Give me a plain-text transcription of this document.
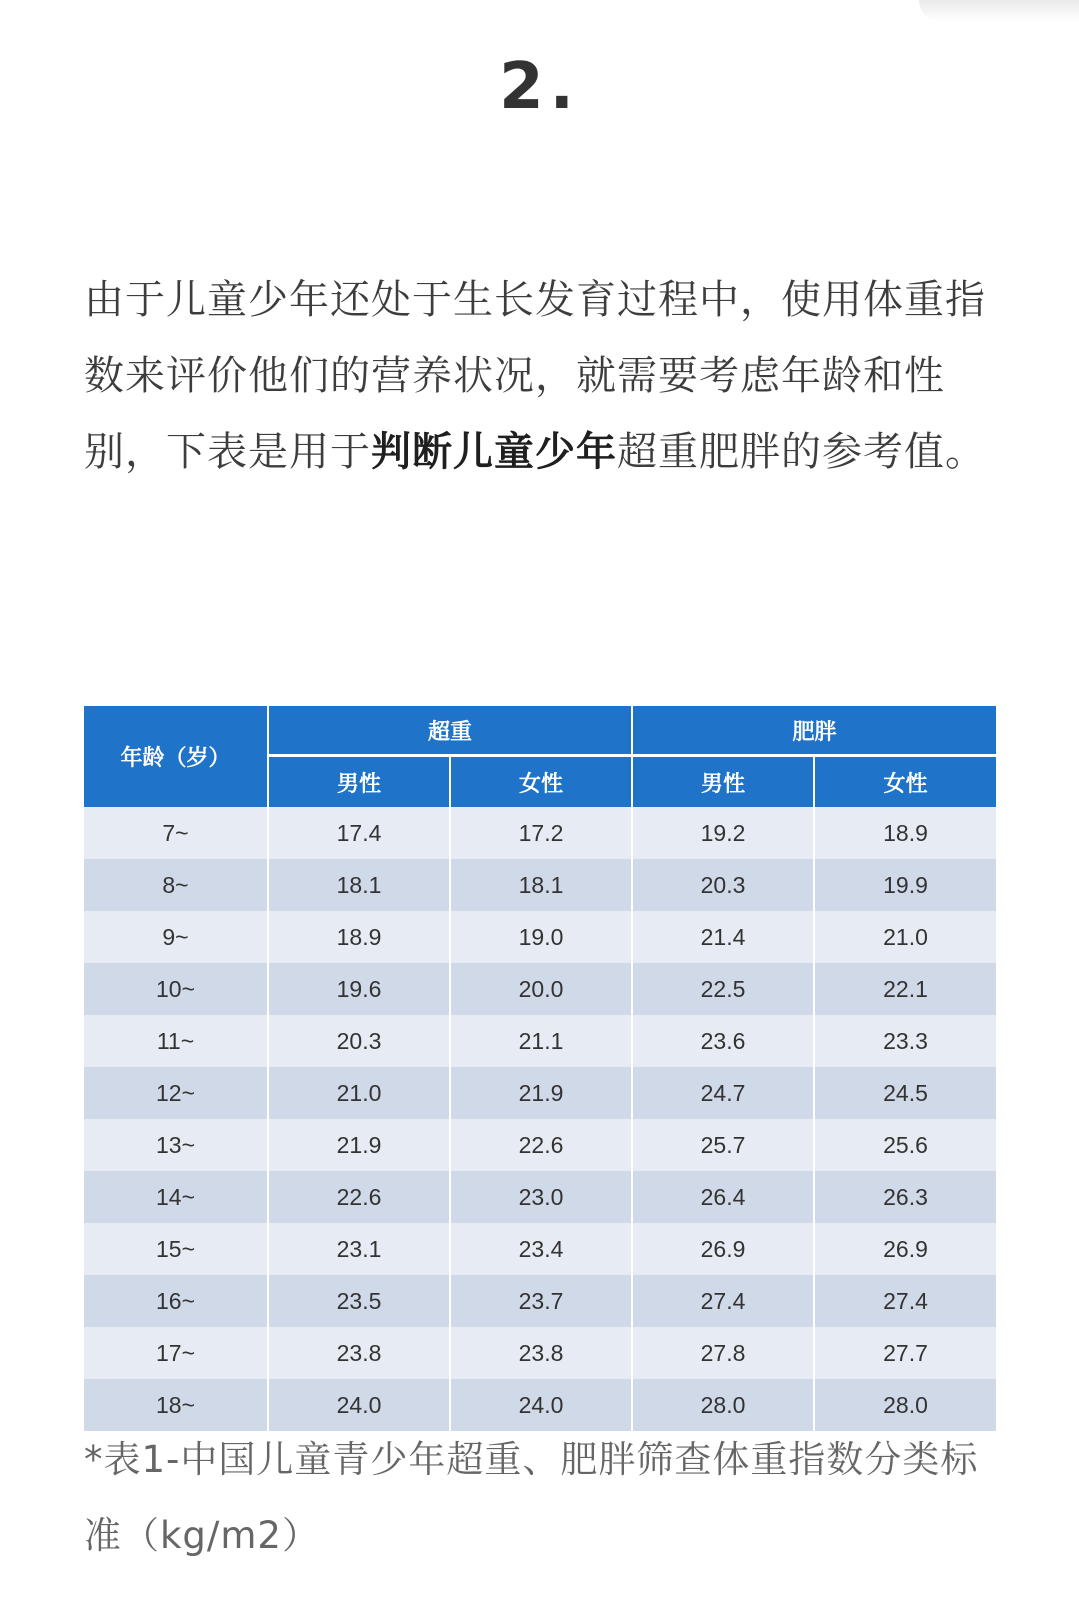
2.

由于儿童少年还处于生长发育过程中，使用体重指数来评价他们的营养状况，就需要考虑年龄和性别，下表是用于判断儿童少年超重肥胖的参考值。

年龄（岁）	超重		肥胖	
	男性	女性	男性	女性
7~	17.4	17.2	19.2	18.9
8~	18.1	18.1	20.3	19.9
9~	18.9	19.0	21.4	21.0
10~	19.6	20.0	22.5	22.1
11~	20.3	21.1	23.6	23.3
12~	21.0	21.9	24.7	24.5
13~	21.9	22.6	25.7	25.6
14~	22.6	23.0	26.4	26.3
15~	23.1	23.4	26.9	26.9
16~	23.5	23.7	27.4	27.4
17~	23.8	23.8	27.8	27.7
18~	24.0	24.0	28.0	28.0

*表1-中国儿童青少年超重、肥胖筛查体重指数分类标准（kg/m2）
